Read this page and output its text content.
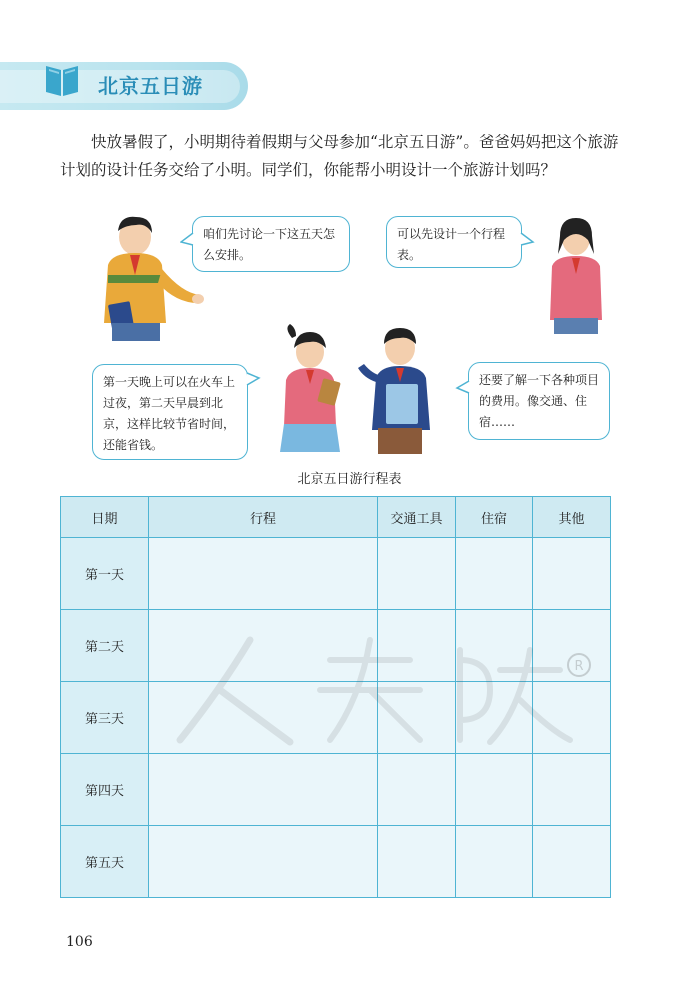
北京五日游
快放暑假了，小明期待着假期与父母参加“北京五日游”。爸爸妈妈把这个旅游计划的设计任务交给了小明。同学们，你能帮小明设计一个旅游计划吗？
咱们先讨论一下这五天怎么安排。
可以先设计一个行程表。
第一天晚上可以在火车上过夜，第二天早晨到北京，这样比较节省时间，还能省钱。
还要了解一下各种项目的费用。像交通、住宿……
北京五日游行程表
日期	行程	交通工具	住宿	其他
第一天				
第二天				
第三天				
第四天				
第五天				
R
106
